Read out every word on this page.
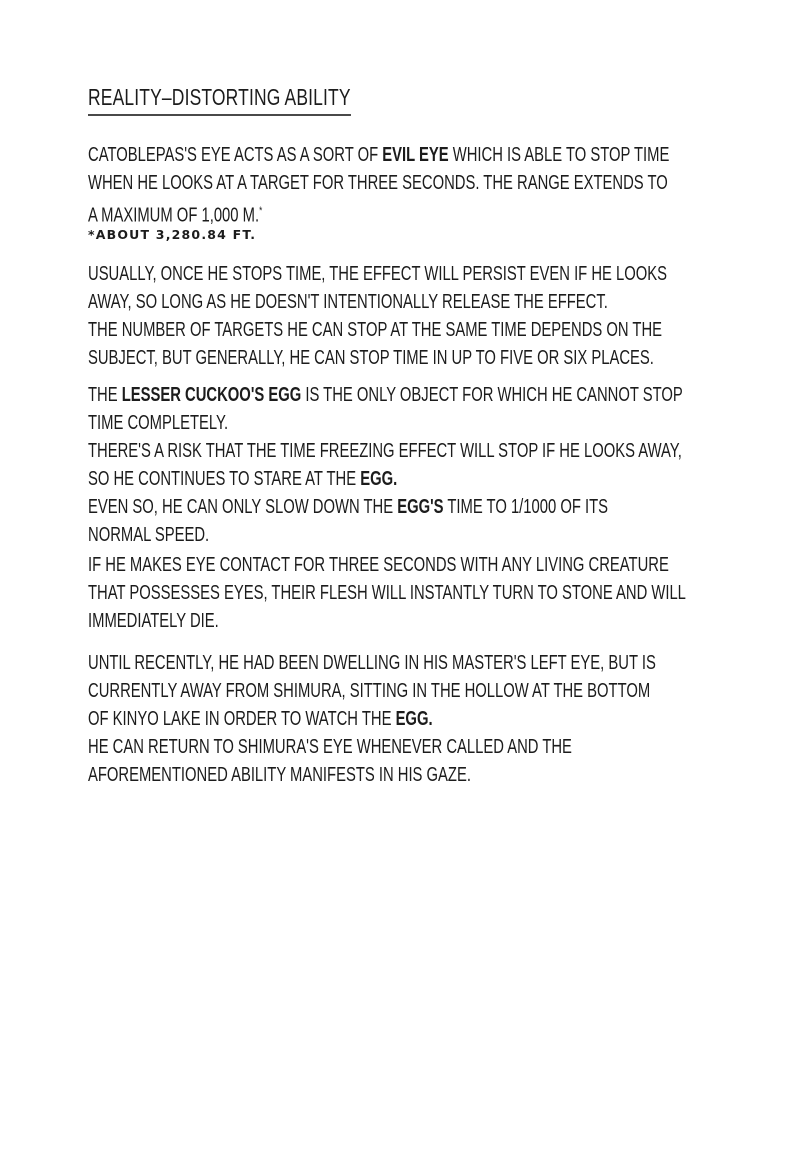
REALITY–DISTORTING ABILITY
CATOBLEPAS'S EYE ACTS AS A SORT OF EVIL EYE WHICH IS ABLE TO STOP TIME
WHEN HE LOOKS AT A TARGET FOR THREE SECONDS. THE RANGE EXTENDS TO
A MAXIMUM OF 1,000 M.*
*ABOUT 3,280.84 FT.
USUALLY, ONCE HE STOPS TIME, THE EFFECT WILL PERSIST EVEN IF HE LOOKS
AWAY, SO LONG AS HE DOESN'T INTENTIONALLY RELEASE THE EFFECT.
THE NUMBER OF TARGETS HE CAN STOP AT THE SAME TIME DEPENDS ON THE
SUBJECT, BUT GENERALLY, HE CAN STOP TIME IN UP TO FIVE OR SIX PLACES.
THE LESSER CUCKOO'S EGG IS THE ONLY OBJECT FOR WHICH HE CANNOT STOP
TIME COMPLETELY.
THERE'S A RISK THAT THE TIME FREEZING EFFECT WILL STOP IF HE LOOKS AWAY,
SO HE CONTINUES TO STARE AT THE EGG.
EVEN SO, HE CAN ONLY SLOW DOWN THE EGG'S TIME TO 1/1000 OF ITS
NORMAL SPEED.
IF HE MAKES EYE CONTACT FOR THREE SECONDS WITH ANY LIVING CREATURE
THAT POSSESSES EYES, THEIR FLESH WILL INSTANTLY TURN TO STONE AND WILL
IMMEDIATELY DIE.
UNTIL RECENTLY, HE HAD BEEN DWELLING IN HIS MASTER'S LEFT EYE, BUT IS
CURRENTLY AWAY FROM SHIMURA, SITTING IN THE HOLLOW AT THE BOTTOM
OF KINYO LAKE IN ORDER TO WATCH THE EGG.
HE CAN RETURN TO SHIMURA'S EYE WHENEVER CALLED AND THE
AFOREMENTIONED ABILITY MANIFESTS IN HIS GAZE.
